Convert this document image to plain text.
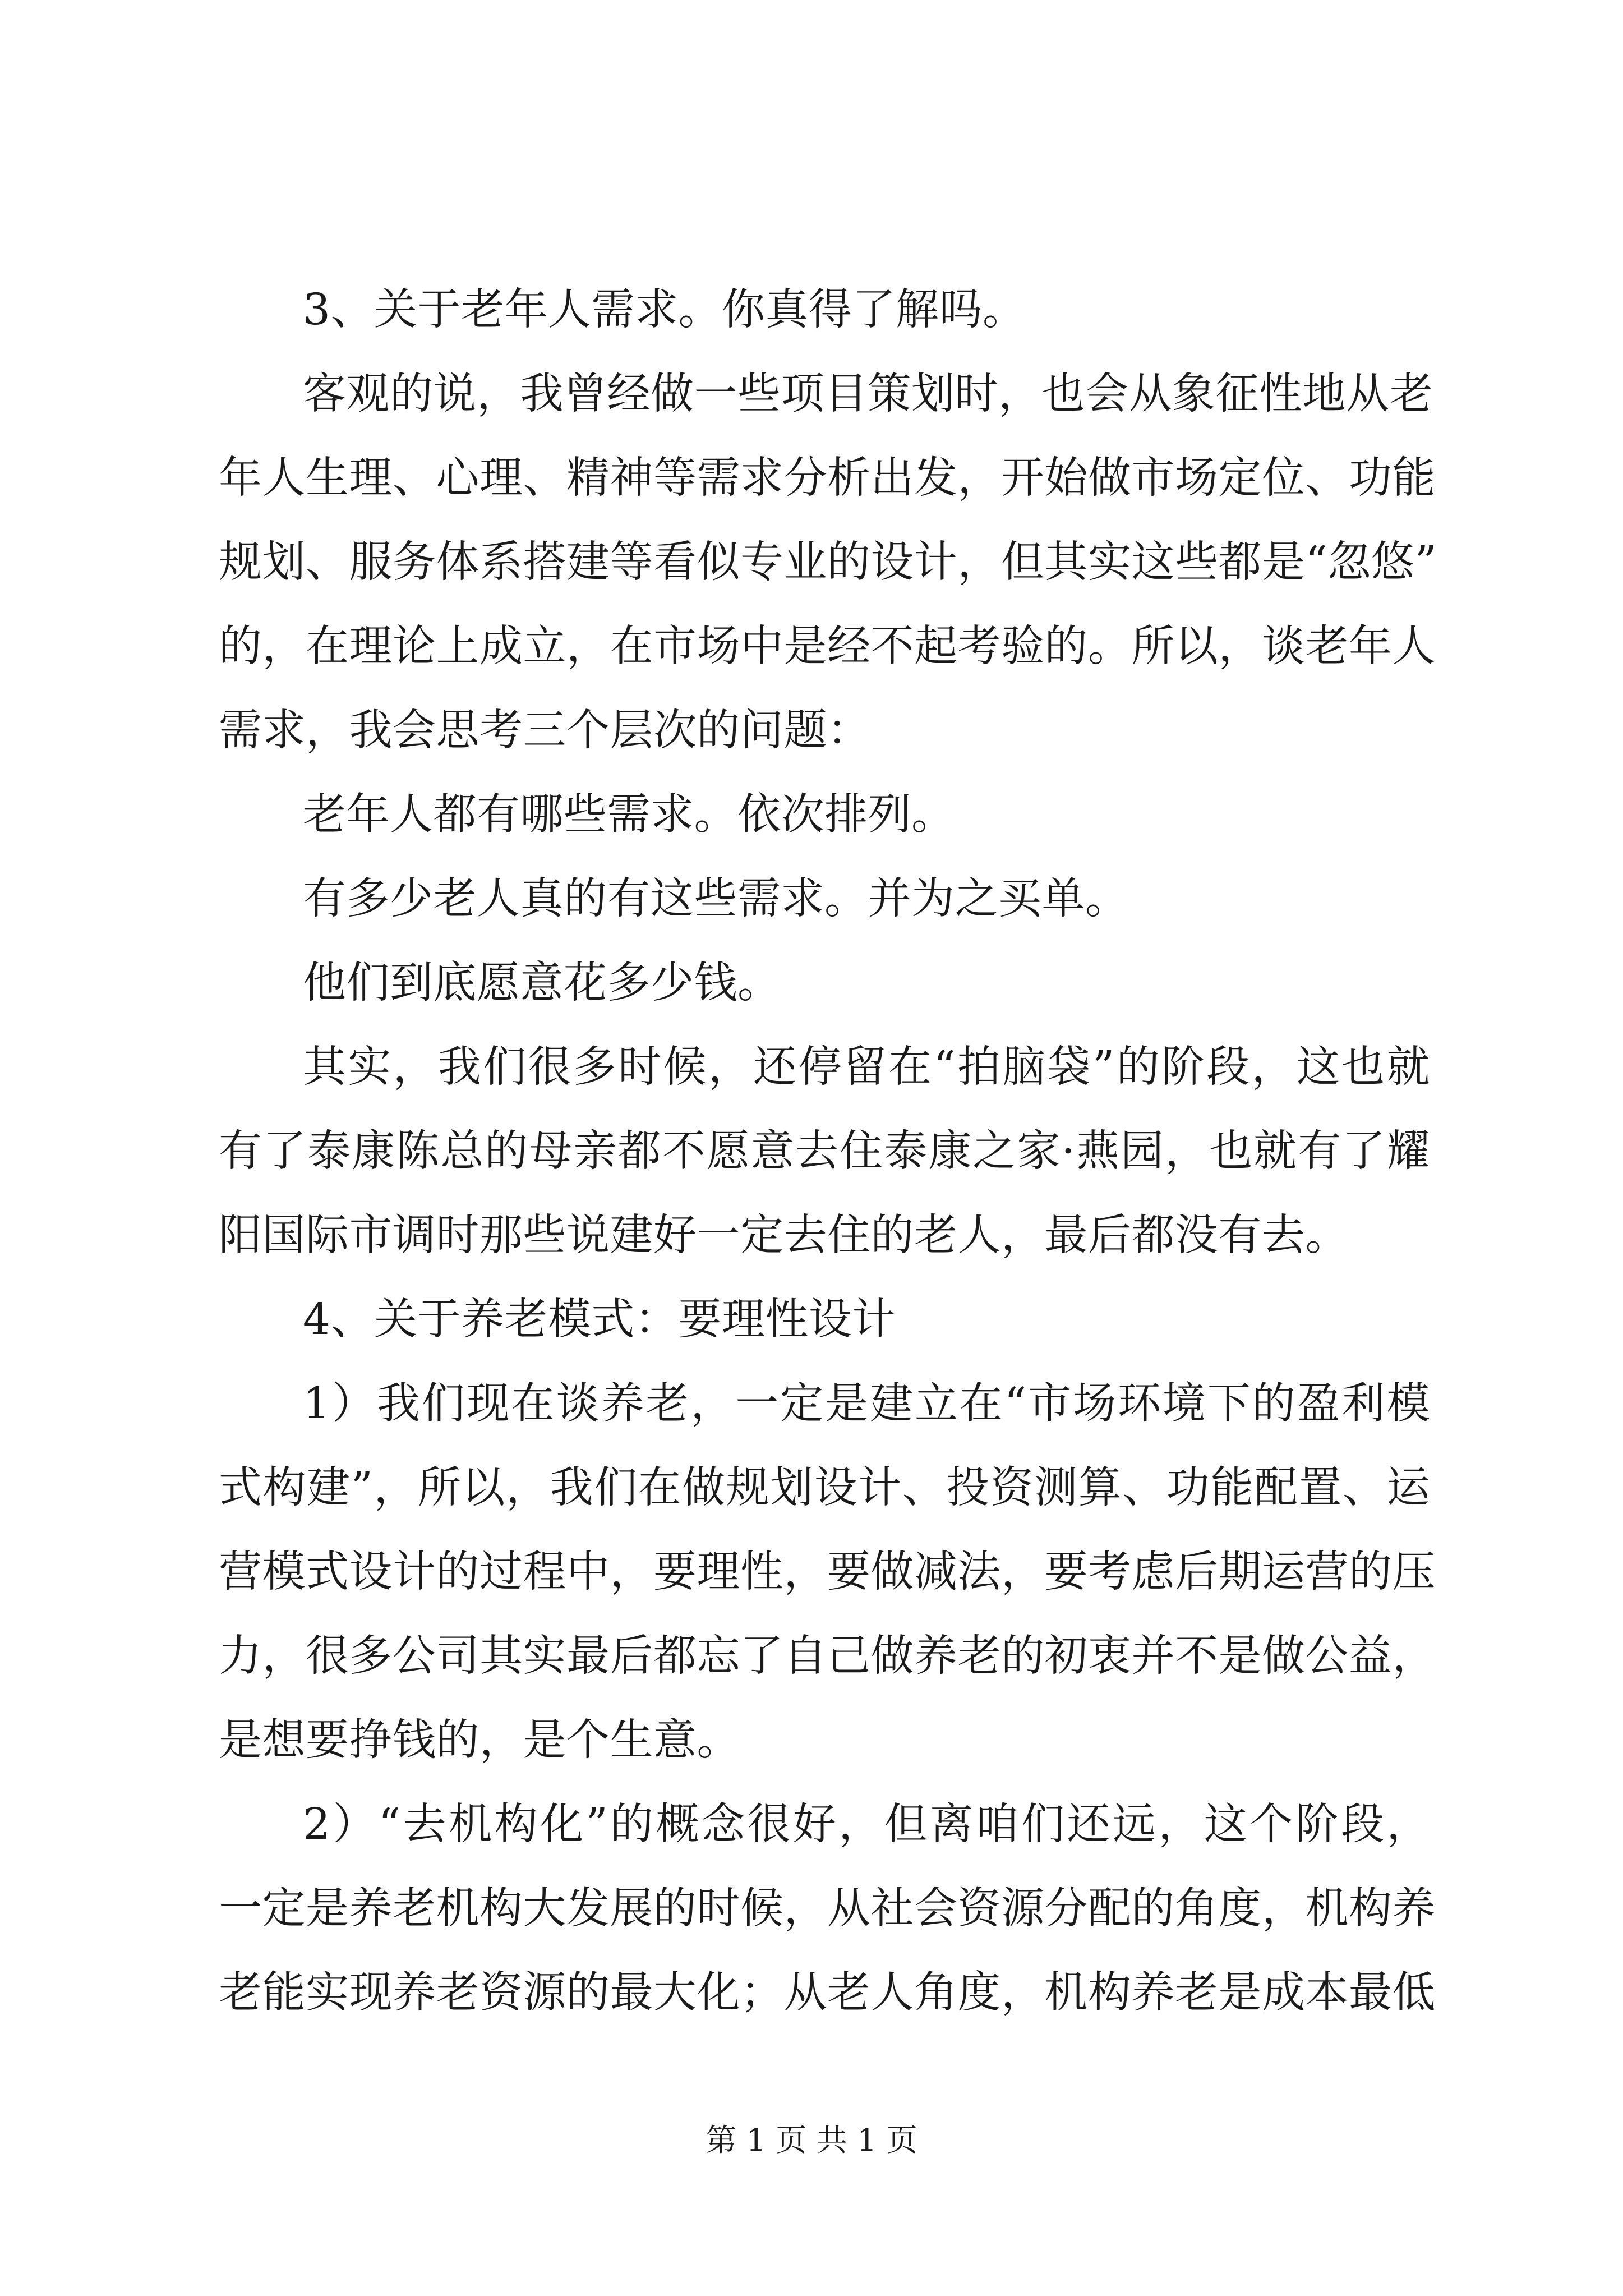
3、关于老年人需求。你真得了解吗。
客观的说，我曾经做一些项目策划时，也会从象征性地从老
年人生理、心理、精神等需求分析出发，开始做市场定位、功能
规划、服务体系搭建等看似专业的设计，但其实这些都是“忽悠”
的，在理论上成立，在市场中是经不起考验的。所以，谈老年人
需求，我会思考三个层次的问题：
老年人都有哪些需求。依次排列。
有多少老人真的有这些需求。并为之买单。
他们到底愿意花多少钱。
其实，我们很多时候，还停留在“拍脑袋”的阶段，这也就
有了泰康陈总的母亲都不愿意去住泰康之家·燕园，也就有了耀
阳国际市调时那些说建好一定去住的老人，最后都没有去。
4、关于养老模式：要理性设计
1）我们现在谈养老，一定是建立在“市场环境下的盈利模
式构建”，所以，我们在做规划设计、投资测算、功能配置、运
营模式设计的过程中，要理性，要做减法，要考虑后期运营的压
力，很多公司其实最后都忘了自己做养老的初衷并不是做公益，
是想要挣钱的，是个生意。
2）“去机构化”的概念很好，但离咱们还远，这个阶段，
一定是养老机构大发展的时候，从社会资源分配的角度，机构养
老能实现养老资源的最大化；从老人角度，机构养老是成本最低
第 1 页 共 1 页
